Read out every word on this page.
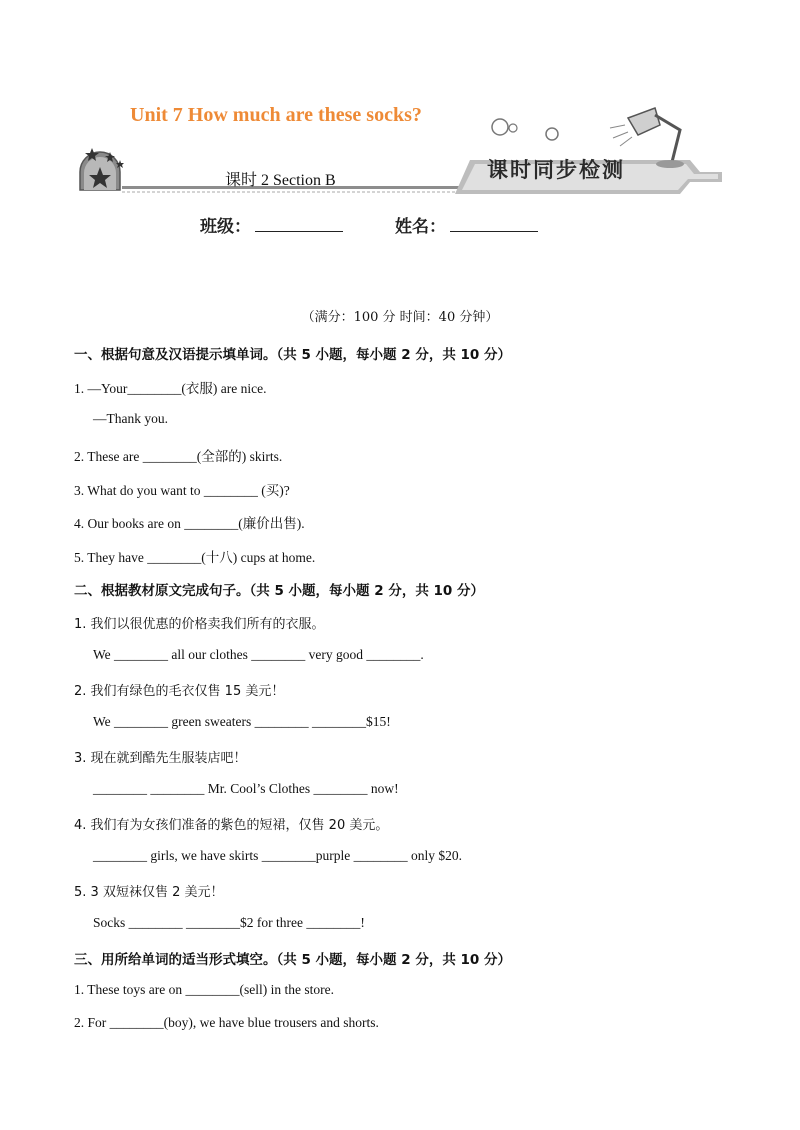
Unit 7 How much are these socks?
课时 2 Section B	课时同步检测
班级：	姓名：
（满分：100 分 时间：40 分钟）
一、根据句意及汉语提示填单词。（共 5 小题，每小题 2 分，共 10 分）
1. —Your________(衣服) are nice.
—Thank you.
2. These are ________(全部的) skirts.
3. What do you want to ________ (买)?
4. Our books are on ________(廉价出售).
5. They have ________(十八) cups at home.
二、根据教材原文完成句子。（共 5 小题，每小题 2 分，共 10 分）
1. 我们以很优惠的价格卖我们所有的衣服。
We ________ all our clothes ________ very good ________.
2. 我们有绿色的毛衣仅售 15 美元！
We ________ green sweaters ________ ________$15!
3. 现在就到酷先生服装店吧！
________ ________ Mr. Cool’s Clothes ________ now!
4. 我们有为女孩们准备的紫色的短裙，仅售 20 美元。
________ girls, we have skirts ________purple ________ only $20.
5. 3 双短袜仅售 2 美元！
Socks ________ ________$2 for three ________!
三、用所给单词的适当形式填空。（共 5 小题，每小题 2 分，共 10 分）
1. These toys are on ________(sell) in the store.
2. For ________(boy), we have blue trousers and shorts.
